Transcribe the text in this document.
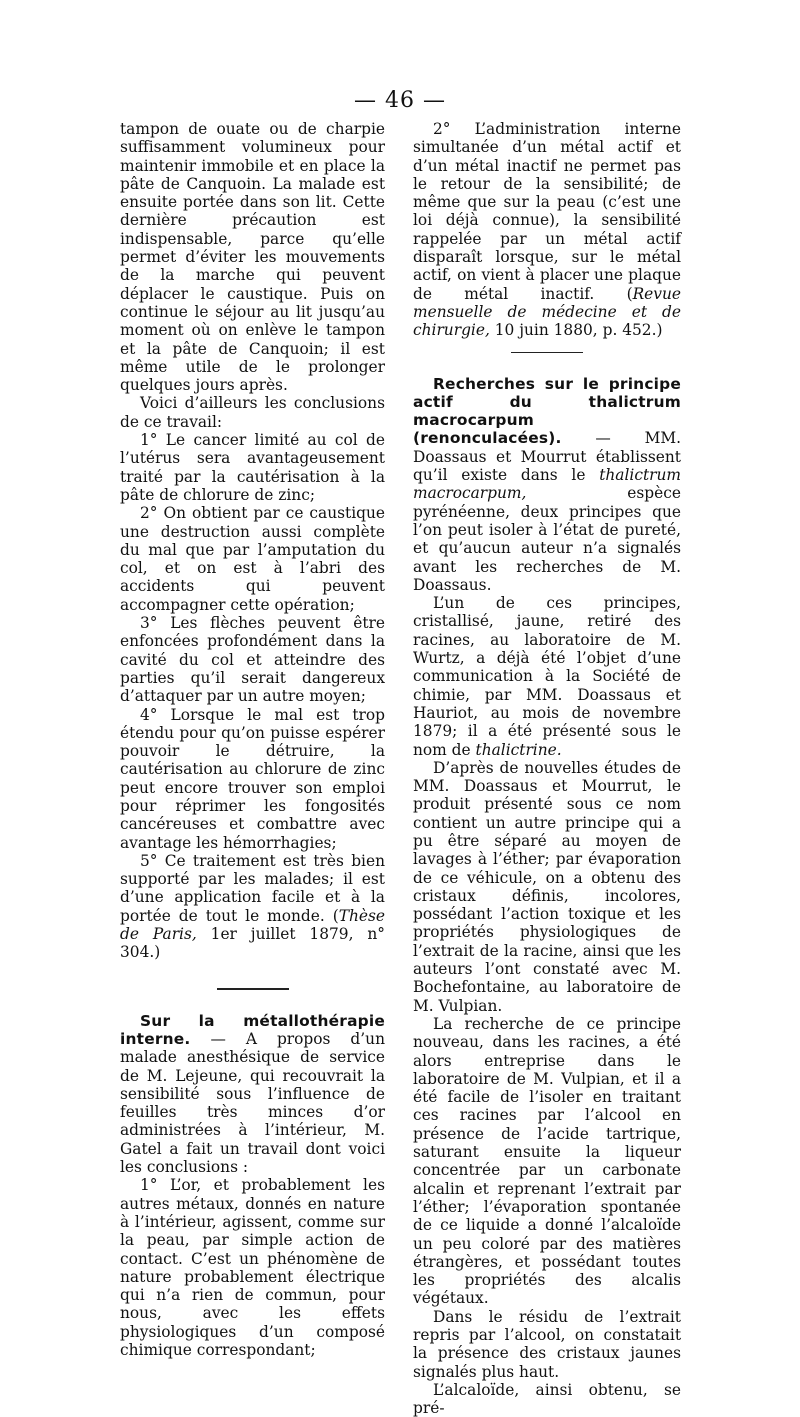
— 46 —

tampon de ouate ou de charpie suffisamment volumineux pour maintenir immobile et en place la pâte de Canquoin. La malade est ensuite portée dans son lit. Cette dernière précaution est indispensable, parce qu’elle permet d’éviter les mouvements de la marche qui peuvent déplacer le caustique. Puis on continue le séjour au lit jusqu’au moment où on enlève le tampon et la pâte de Canquoin; il est même utile de le prolonger quelques jours après.

Voici d’ailleurs les conclusions de ce travail:

1° Le cancer limité au col de l’utérus sera avantageusement traité par la cautérisation à la pâte de chlorure de zinc;

2° On obtient par ce caustique une destruction aussi complète du mal que par l’amputation du col, et on est à l’abri des accidents qui peuvent accompagner cette opération;

3° Les flèches peuvent être enfoncées profondément dans la cavité du col et atteindre des parties qu’il serait dangereux d’attaquer par un autre moyen;

4° Lorsque le mal est trop étendu pour qu’on puisse espérer pouvoir le détruire, la cautérisation au chlorure de zinc peut encore trouver son emploi pour réprimer les fongosités cancéreuses et combattre avec avantage les hémorrhagies;

5° Ce traitement est très bien supporté par les malades; il est d’une application facile et à la portée de tout le monde. (Thèse de Paris, 1er juillet 1879, n° 304.)

Sur la métallothérapie interne. — A propos d’un malade anesthésique de service de M. Lejeune, qui recouvrait la sensibilité sous l’influence de feuilles très minces d’or administrées à l’intérieur, M. Gatel a fait un travail dont voici les conclusions :

1° L’or, et probablement les autres métaux, donnés en nature à l’intérieur, agissent, comme sur la peau, par simple action de contact. C’est un phénomène de nature probablement électrique qui n’a rien de commun, pour nous, avec les effets physiologiques d’un composé chimique correspondant;

2° L’administration interne simultanée d’un métal actif et d’un métal inactif ne permet pas le retour de la sensibilité; de même que sur la peau (c’est une loi déjà connue), la sensibilité rappelée par un métal actif disparaît lorsque, sur le métal actif, on vient à placer une plaque de métal inactif. (Revue mensuelle de médecine et de chirurgie, 10 juin 1880, p. 452.)

Recherches sur le principe actif du thalictrum macrocarpum (renonculacées). — MM. Doassaus et Mourrut établissent qu’il existe dans le thalictrum macrocarpum, espèce pyrénéenne, deux principes que l’on peut isoler à l’état de pureté, et qu’aucun auteur n’a signalés avant les recherches de M. Doassaus.

L’un de ces principes, cristallisé, jaune, retiré des racines, au laboratoire de M. Wurtz, a déjà été l’objet d’une communication à la Société de chimie, par MM. Doassaus et Hauriot, au mois de novembre 1879; il a été présenté sous le nom de thalictrine.

D’après de nouvelles études de MM. Doassaus et Mourrut, le produit présenté sous ce nom contient un autre principe qui a pu être séparé au moyen de lavages à l’éther; par évaporation de ce véhicule, on a obtenu des cristaux définis, incolores, possédant l’action toxique et les propriétés physiologiques de l’extrait de la racine, ainsi que les auteurs l’ont constaté avec M. Bochefontaine, au laboratoire de M. Vulpian.

La recherche de ce principe nouveau, dans les racines, a été alors entreprise dans le laboratoire de M. Vulpian, et il a été facile de l’isoler en traitant ces racines par l’alcool en présence de l’acide tartrique, saturant ensuite la liqueur concentrée par un carbonate alcalin et reprenant l’extrait par l’éther; l’évaporation spontanée de ce liquide a donné l’alcaloïde un peu coloré par des matières étrangères, et possédant toutes les propriétés des alcalis végétaux.

Dans le résidu de l’extrait repris par l’alcool, on constatait la présence des cristaux jaunes signalés plus haut.

L’alcaloïde, ainsi obtenu, se pré-
